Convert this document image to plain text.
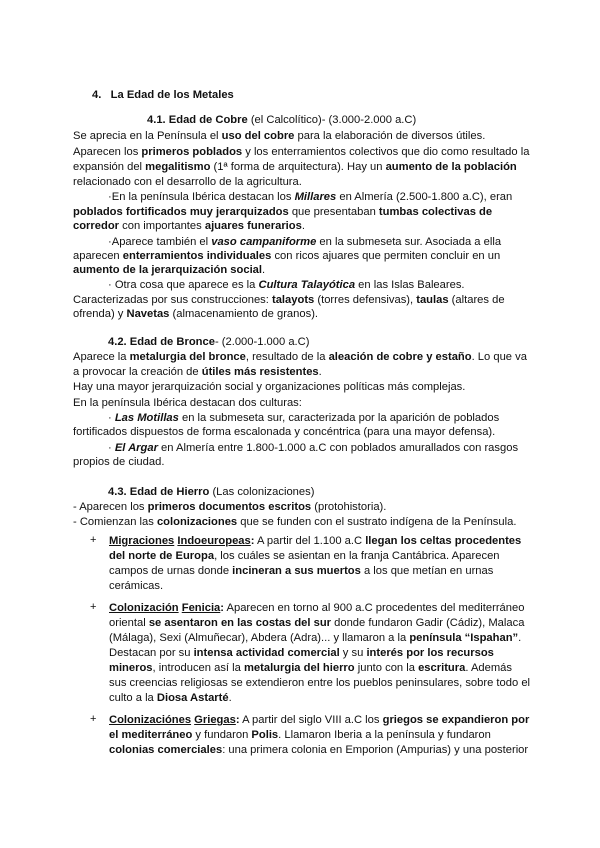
4. La Edad de los Metales
4.1. Edad de Cobre (el Calcolítico)- (3.000-2.000 a.C)
Se aprecia en la Península el uso del cobre para la elaboración de diversos útiles.
Aparecen los primeros poblados y los enterramientos colectivos que dio como resultado la
expansión del megalitismo (1ª forma de arquitectura). Hay un aumento de la población
relacionado con el desarrollo de la agricultura.
·En la península Ibérica destacan los Millares en Almería (2.500-1.800 a.C), eran
poblados fortificados muy jerarquizados que presentaban tumbas colectivas de
corredor con importantes ajuares funerarios.
·Aparece también el vaso campaniforme en la submeseta sur. Asociada a ella
aparecen enterramientos individuales con ricos ajuares que permiten concluir en un
aumento de la jerarquización social.
· Otra cosa que aparece es la Cultura Talayótica en las Islas Baleares.
Caracterizadas por sus construcciones: talayots (torres defensivas), taulas (altares de
ofrenda) y Navetas (almacenamiento de granos).
4.2. Edad de Bronce- (2.000-1.000 a.C)
Aparece la metalurgia del bronce, resultado de la aleación de cobre y estaño. Lo que va
a provocar la creación de útiles más resistentes.
Hay una mayor jerarquización social y organizaciones políticas más complejas.
En la península Ibérica destacan dos culturas:
· Las Motillas en la submeseta sur, caracterizada por la aparición de poblados
fortificados dispuestos de forma escalonada y concéntrica (para una mayor defensa).
· El Argar en Almería entre 1.800-1.000 a.C con poblados amurallados con rasgos
propios de ciudad.
4.3. Edad de Hierro (Las colonizaciones)
- Aparecen los primeros documentos escritos (protohistoria).
- Comienzan las colonizaciones que se funden con el sustrato indígena de la Península.
+ Migraciones Indoeuropeas: A partir del 1.100 a.C llegan los celtas procedentes
del norte de Europa, los cuáles se asientan en la franja Cantábrica. Aparecen
campos de urnas donde incineran a sus muertos a los que metían en urnas
cerámicas.
+ Colonización Fenicia: Aparecen en torno al 900 a.C procedentes del mediterráneo
oriental se asentaron en las costas del sur donde fundaron Gadir (Cádiz), Malaca
(Málaga), Sexi (Almuñecar), Abdera (Adra)... y llamaron a la península “Ispahan”.
Destacan por su intensa actividad comercial y su interés por los recursos
mineros, introducen así la metalurgia del hierro junto con la escritura. Además
sus creencias religiosas se extendieron entre los pueblos peninsulares, sobre todo el
culto a la Diosa Astarté.
+ Colonizaciónes Griegas: A partir del siglo VIII a.C los griegos se expandieron por
el mediterráneo y fundaron Polis. Llamaron Iberia a la península y fundaron
colonias comerciales: una primera colonia en Emporion (Ampurias) y una posterior
